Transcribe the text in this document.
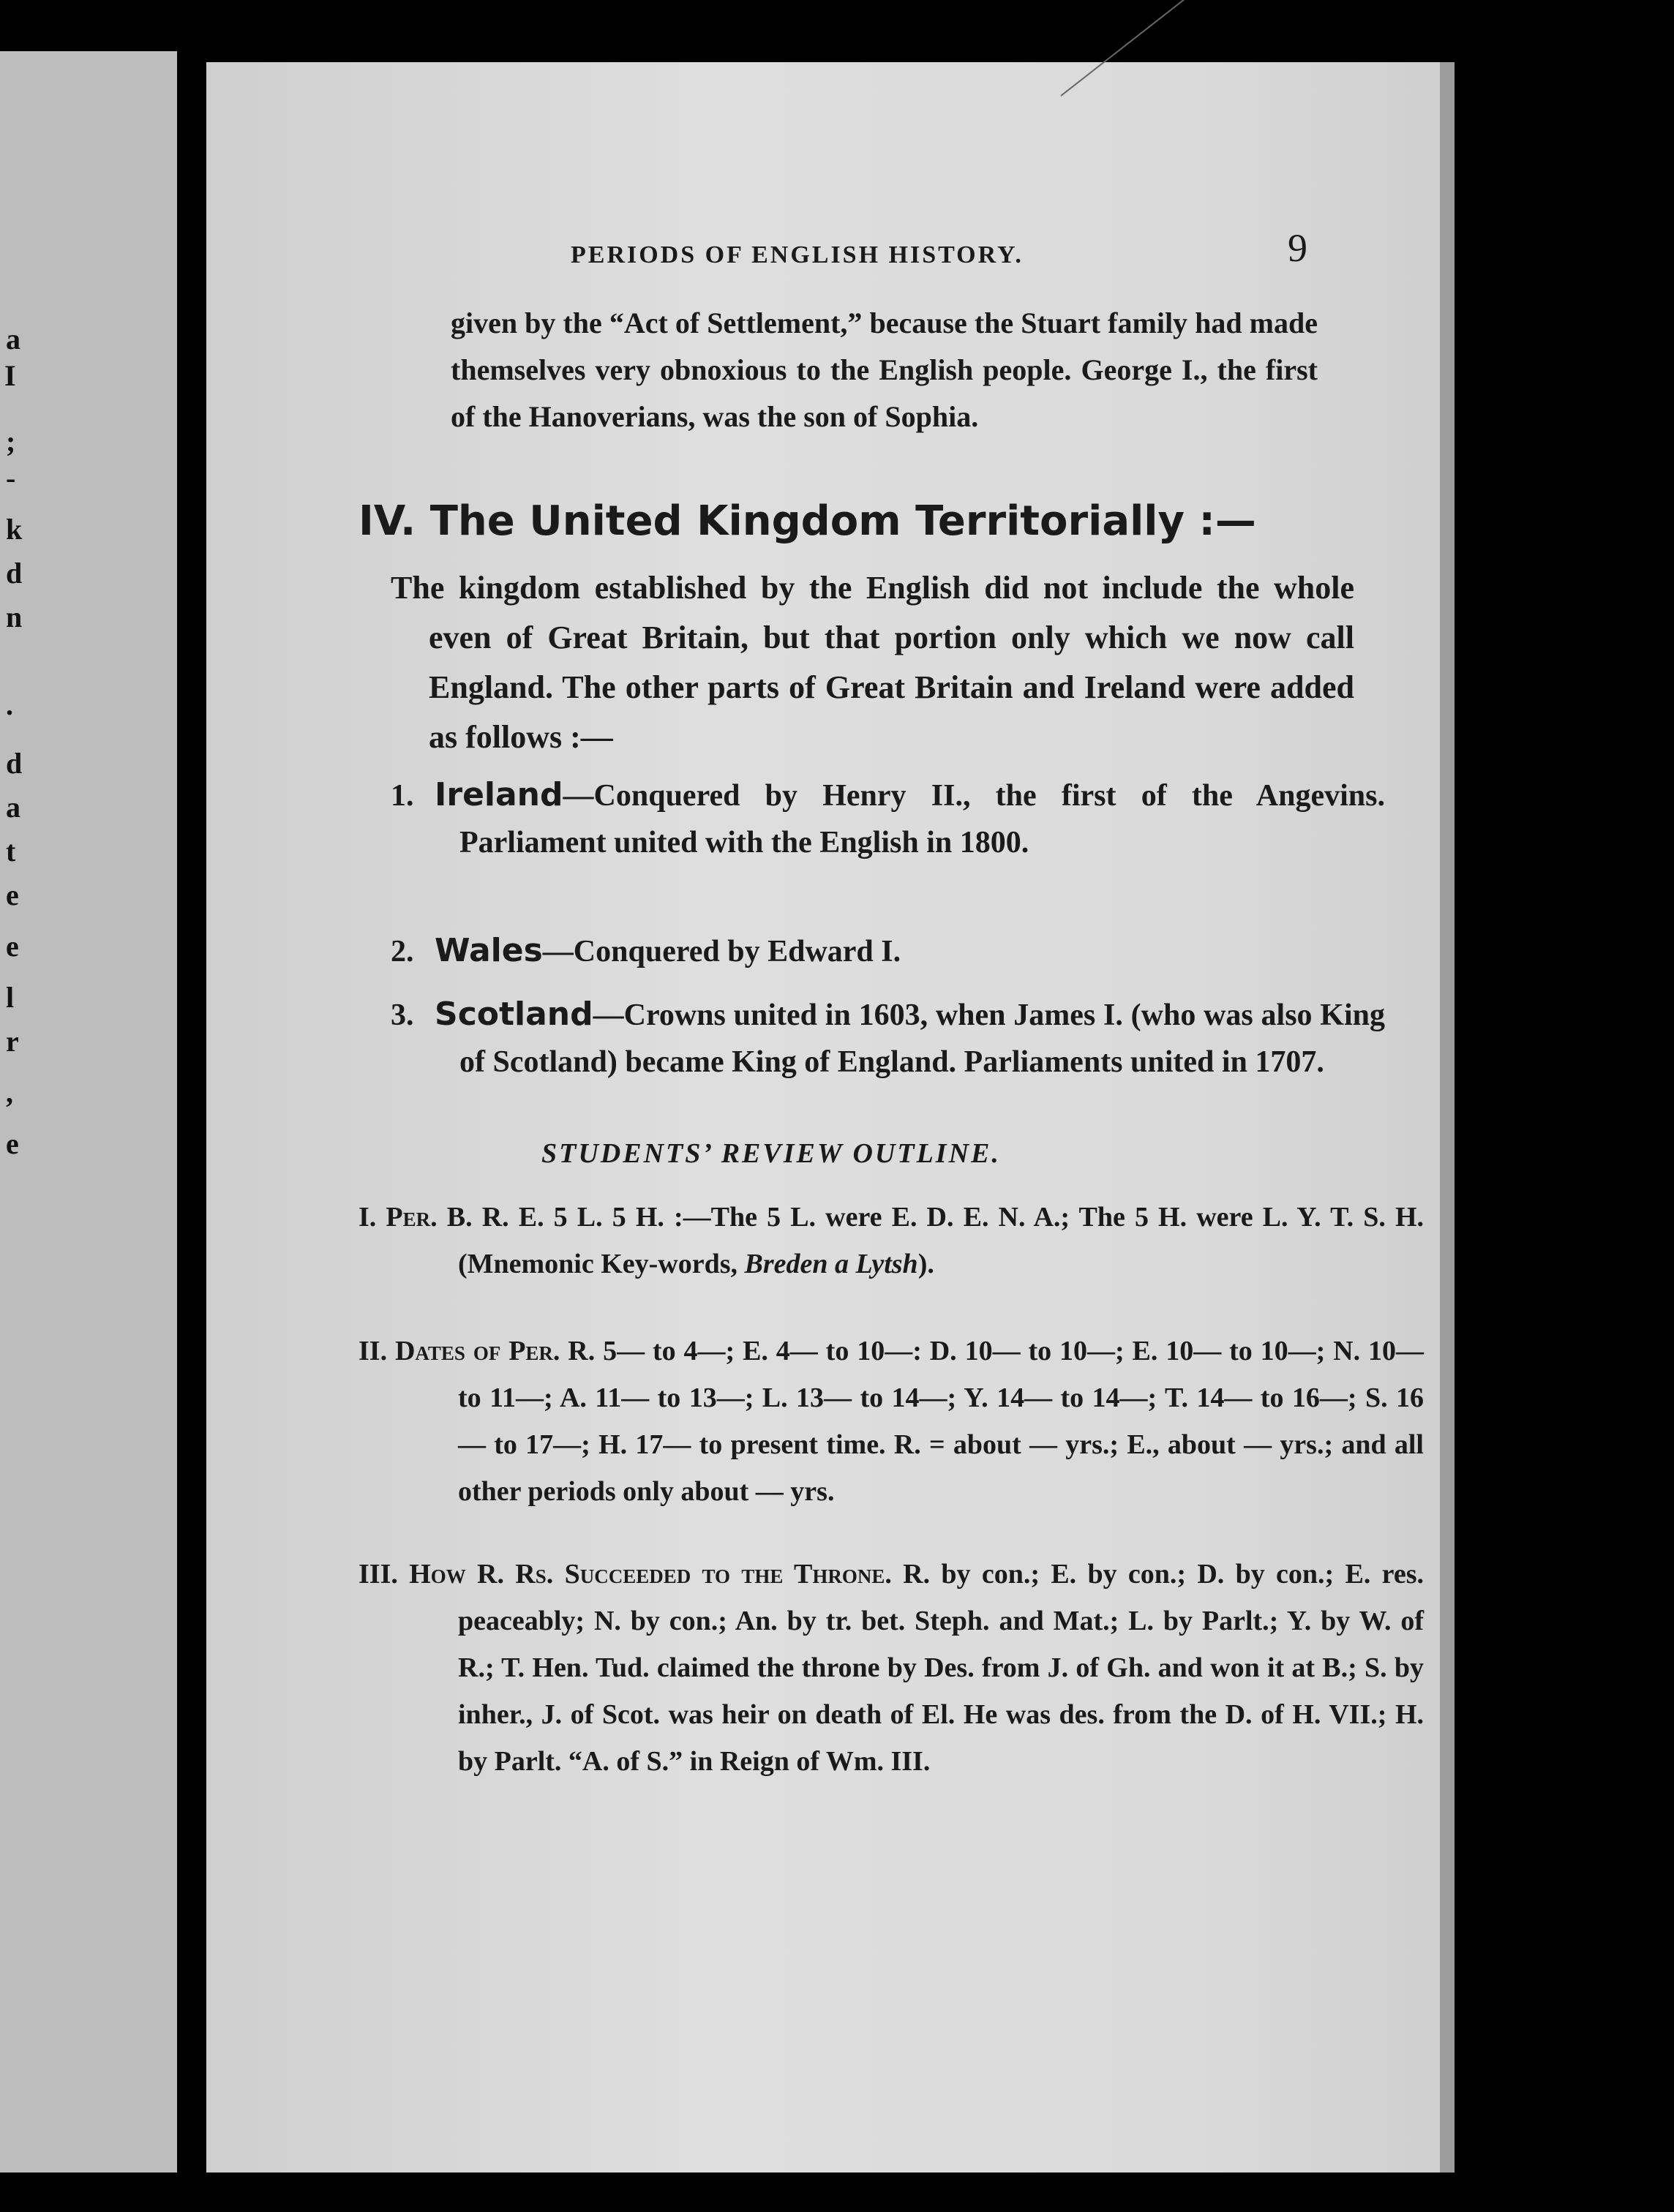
a
I
;
-
k
d
n
.
d
a
t
e
e
l
r
,
e
PERIODS OF ENGLISH HISTORY.	9
given by the “Act of Settlement,” because the Stuart family had made themselves very obnoxious to the English people. George I., the first of the Hanoverians, was the son of Sophia.
IV. The United Kingdom Territorially :—
The kingdom established by the English did not include the whole even of Great Britain, but that portion only which we now call England. The other parts of Great Britain and Ireland were added as follows :—
1. Ireland—Conquered by Henry II., the first of the Angevins. Parliament united with the English in 1800.
2. Wales—Conquered by Edward I.
3. Scotland—Crowns united in 1603, when James I. (who was also King of Scotland) became King of England. Parliaments united in 1707.
STUDENTS’ REVIEW OUTLINE.
I. Per. B. R. E. 5 L. 5 H. :—The 5 L. were E. D. E. N. A.; The 5 H. were L. Y. T. S. H. (Mnemonic Key-words, Breden a Lytsh).
II. Dates of Per. R. 5— to 4—; E. 4— to 10—: D. 10— to 10—; E. 10— to 10—; N. 10— to 11—; A. 11— to 13—; L. 13— to 14—; Y. 14— to 14—; T. 14— to 16—; S. 16— to 17—; H. 17— to present time. R. = about — yrs.; E., about — yrs.; and all other periods only about — yrs.
III. How R. Rs. Succeeded to the Throne. R. by con.; E. by con.; D. by con.; E. res. peaceably; N. by con.; An. by tr. bet. Steph. and Mat.; L. by Parlt.; Y. by W. of R.; T. Hen. Tud. claimed the throne by Des. from J. of Gh. and won it at B.; S. by inher., J. of Scot. was heir on death of El. He was des. from the D. of H. VII.; H. by Parlt. “A. of S.” in Reign of Wm. III.
